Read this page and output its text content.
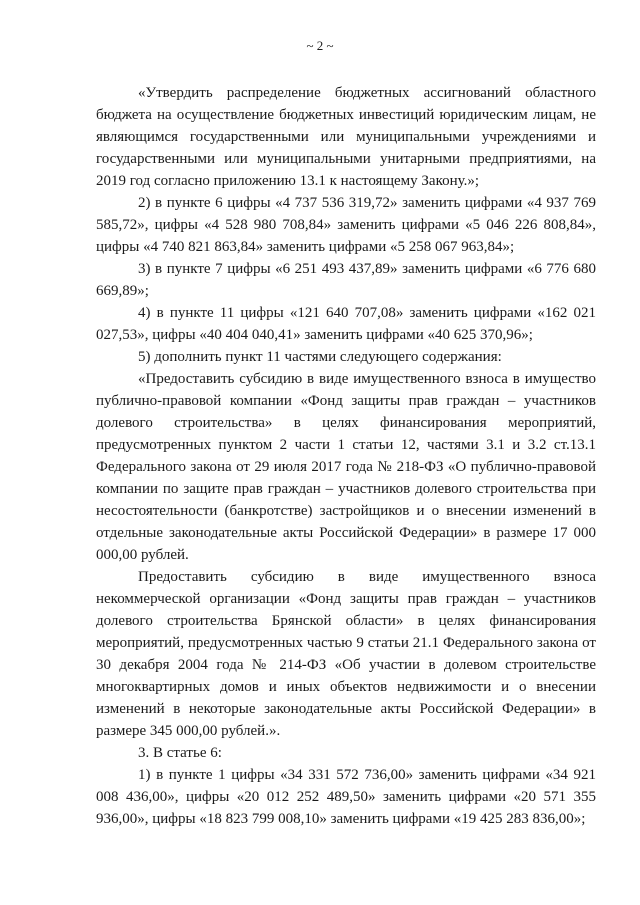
~ 2 ~

«Утвердить распределение бюджетных ассигнований областного бюджета на осуществление бюджетных инвестиций юридическим лицам, не являющимся государственными или муниципальными учреждениями и государственными или муниципальными унитарными предприятиями, на 2019 год согласно приложению 13.1 к настоящему Закону.»;

2) в пункте 6 цифры «4 737 536 319,72» заменить цифрами «4 937 769 585,72», цифры «4 528 980 708,84» заменить цифрами «5 046 226 808,84», цифры «4 740 821 863,84» заменить цифрами «5 258 067 963,84»;

3) в пункте 7 цифры «6 251 493 437,89» заменить цифрами «6 776 680 669,89»;

4) в пункте 11 цифры «121 640 707,08» заменить цифрами «162 021 027,53», цифры «40 404 040,41» заменить цифрами «40 625 370,96»;

5) дополнить пункт 11 частями следующего содержания:

«Предоставить субсидию в виде имущественного взноса в имущество публично-правовой компании «Фонд защиты прав граждан – участников долевого строительства» в целях финансирования мероприятий, предусмотренных пунктом 2 части 1 статьи 12, частями 3.1 и 3.2 ст.13.1 Федерального закона от 29 июля 2017 года № 218-ФЗ «О публично-правовой компании по защите прав граждан – участников долевого строительства при несостоятельности (банкротстве) застройщиков и о внесении изменений в отдельные законодательные акты Российской Федерации» в размере 17 000 000,00 рублей.

Предоставить субсидию в виде имущественного взноса некоммерческой организации «Фонд защиты прав граждан – участников долевого строительства Брянской области» в целях финансирования мероприятий, предусмотренных частью 9 статьи 21.1 Федерального закона от 30 декабря 2004 года № 214-ФЗ «Об участии в долевом строительстве многоквартирных домов и иных объектов недвижимости и о внесении изменений в некоторые законодательные акты Российской Федерации» в размере 345 000,00 рублей.».

3. В статье 6:

1) в пункте 1 цифры «34 331 572 736,00» заменить цифрами «34 921 008 436,00», цифры «20 012 252 489,50» заменить цифрами «20 571 355 936,00», цифры «18 823 799 008,10» заменить цифрами «19 425 283 836,00»;
